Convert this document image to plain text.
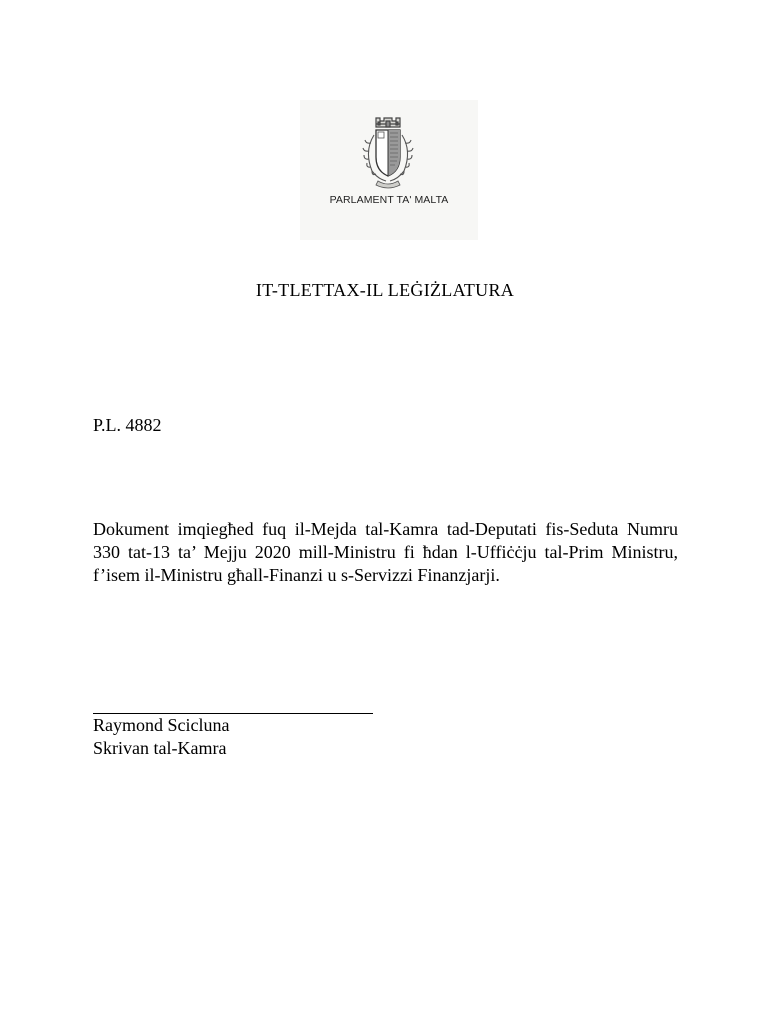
PARLAMENT TA' MALTA
IT-TLETTAX-IL LEĠIŻLATURA
P.L. 4882

Dokument imqiegħed fuq il-Mejda tal-Kamra tad-Deputati fis-Seduta Numru 330 tat-13 ta’ Mejju 2020 mill-Ministru fi ħdan l-Uffiċċju tal-Prim Ministru, f’isem il-Ministru għall-Finanzi u s-Servizzi Finanzjarji.

Raymond Scicluna
Skrivan tal-Kamra
